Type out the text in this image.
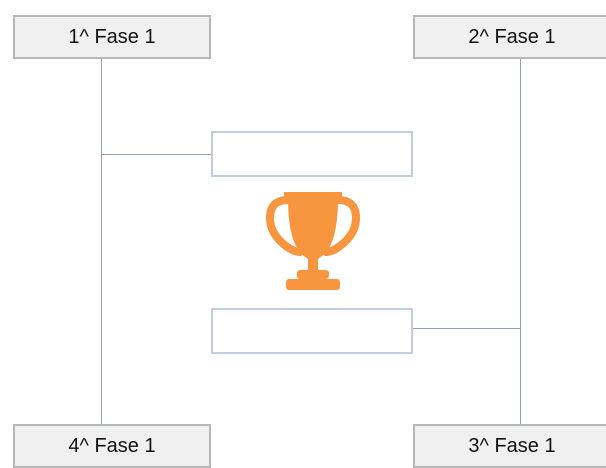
1^ Fase 1	2^ Fase 1
4^ Fase 1	3^ Fase 1
